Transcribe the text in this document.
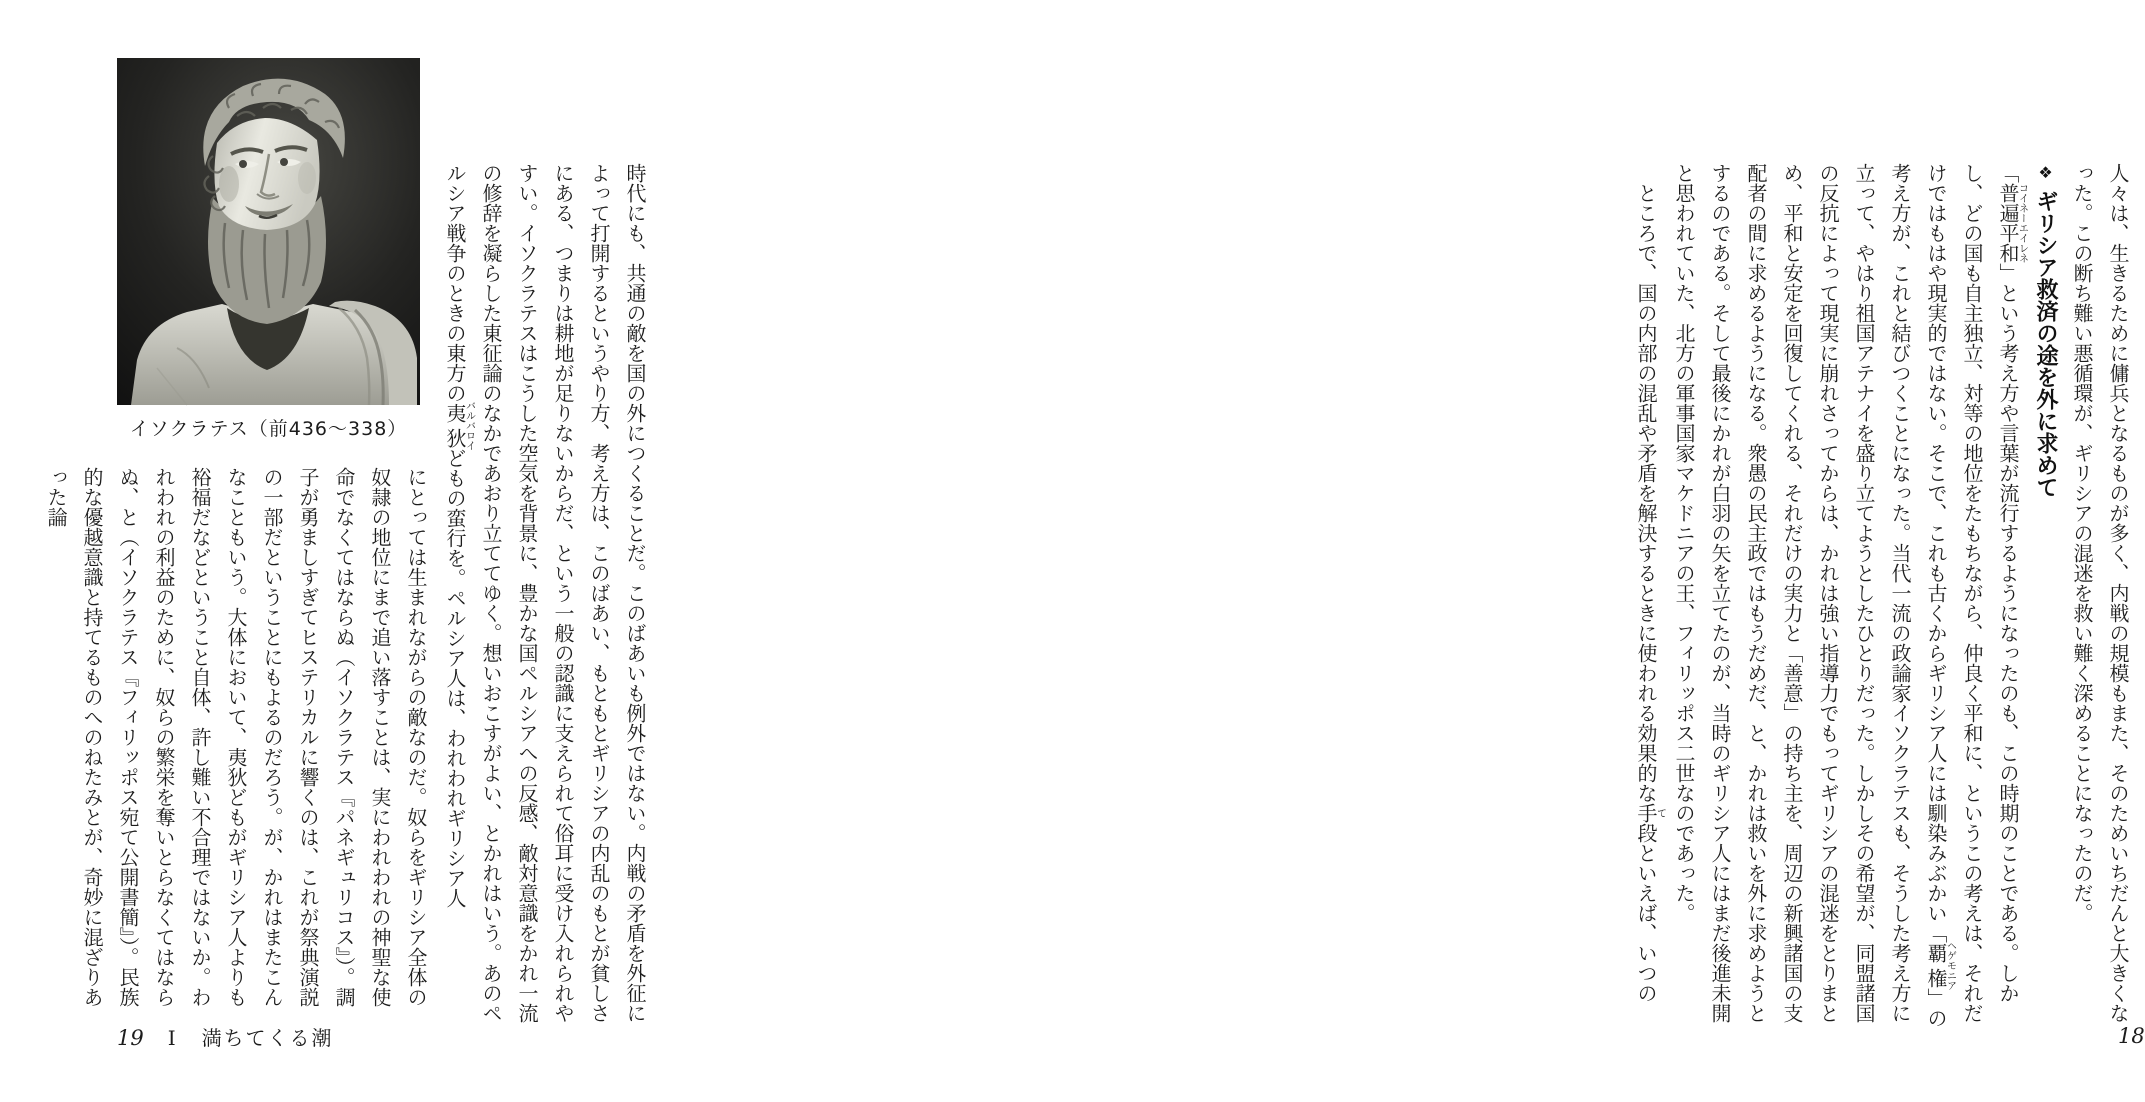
イソクラテス（前436〜338）	時代にも、共通の敵を国の外につくることだ。このばあいも例外ではない。内戦の矛盾を外征によって打開するというやり方、考え方は、このばあい、もともとギリシアの内乱のもとが貧しさにある、つまりは耕地が足りないからだ、という一般の認識に支えられて俗耳に受け入れられやすい。イソクラテスはこうした空気を背景に、豊かな国ペルシアへの反感、敵対意識をかれ一流の修辞を凝らした東征論のなかであおり立ててゆく。想いおこすがよい、とかれはいう。あのペルシア戦争のときの東方の夷狄バルバロイどもの蛮行を。ペルシア人は、われわれギリシア人

にとっては生まれながらの敵なのだ。奴らをギリシア全体の奴隷の地位にまで追い落すことは、実にわれわれの神聖な使命でなくてはならぬ（イソクラテス『パネギュリコス』）。調子が勇ましすぎてヒステリカルに響くのは、これが祭典演説の一部だということにもよるのだろう。が、かれはまたこんなこともいう。大体において、夷狄どもがギリシア人よりも裕福だなどということ自体、許し難い不合理ではないか。われわれの利益のために、奴らの繁栄を奪いとらなくてはならぬ、と（イソクラテス『フィリッポス宛て公開書簡』）。民族的な優越意識と持てるものへのねたみとが、奇妙に混ざりあった論

19 Ⅰ 満ちてくる潮

人々は、生きるために傭兵となるものが多く、内戦の規模もまた、そのためいちだんと大きくなった。この断ち難い悪循環が、ギリシアの混迷を救い難く深めることになったのだ。

❖ギリシア救済の途を外に求めて

「普遍平和コイネーエイレネ」という考え方や言葉が流行するようになったのも、この時期のことである。しかし、どの国も自主独立、対等の地位をたもちながら、仲良く平和に、というこの考えは、それだけではもはや現実的ではない。そこで、これも古くからギリシア人には馴染みぶかい「覇権ヘゲモニア」の考え方が、これと結びつくことになった。当代一流の政論家イソクラテスも、そうした考え方に立って、やはり祖国アテナイを盛り立てようとしたひとりだった。しかしその希望が、同盟諸国の反抗によって現実に崩れさってからは、かれは強い指導力でもってギリシアの混迷をとりまとめ、平和と安定を回復してくれる、それだけの実力と「善意」の持ち主を、周辺の新興諸国の支配者の間に求めるようになる。衆愚の民主政ではもうだめだ、と、かれは救いを外に求めようとするのである。そして最後にかれが白羽の矢を立てたのが、当時のギリシア人にはまだ後進未開と思われていた、北方の軍事国家マケドニアの王、フィリッポス二世なのであった。

ところで、国の内部の混乱や矛盾を解決するときに使われる効果的な手て段といえば、いつの

18
